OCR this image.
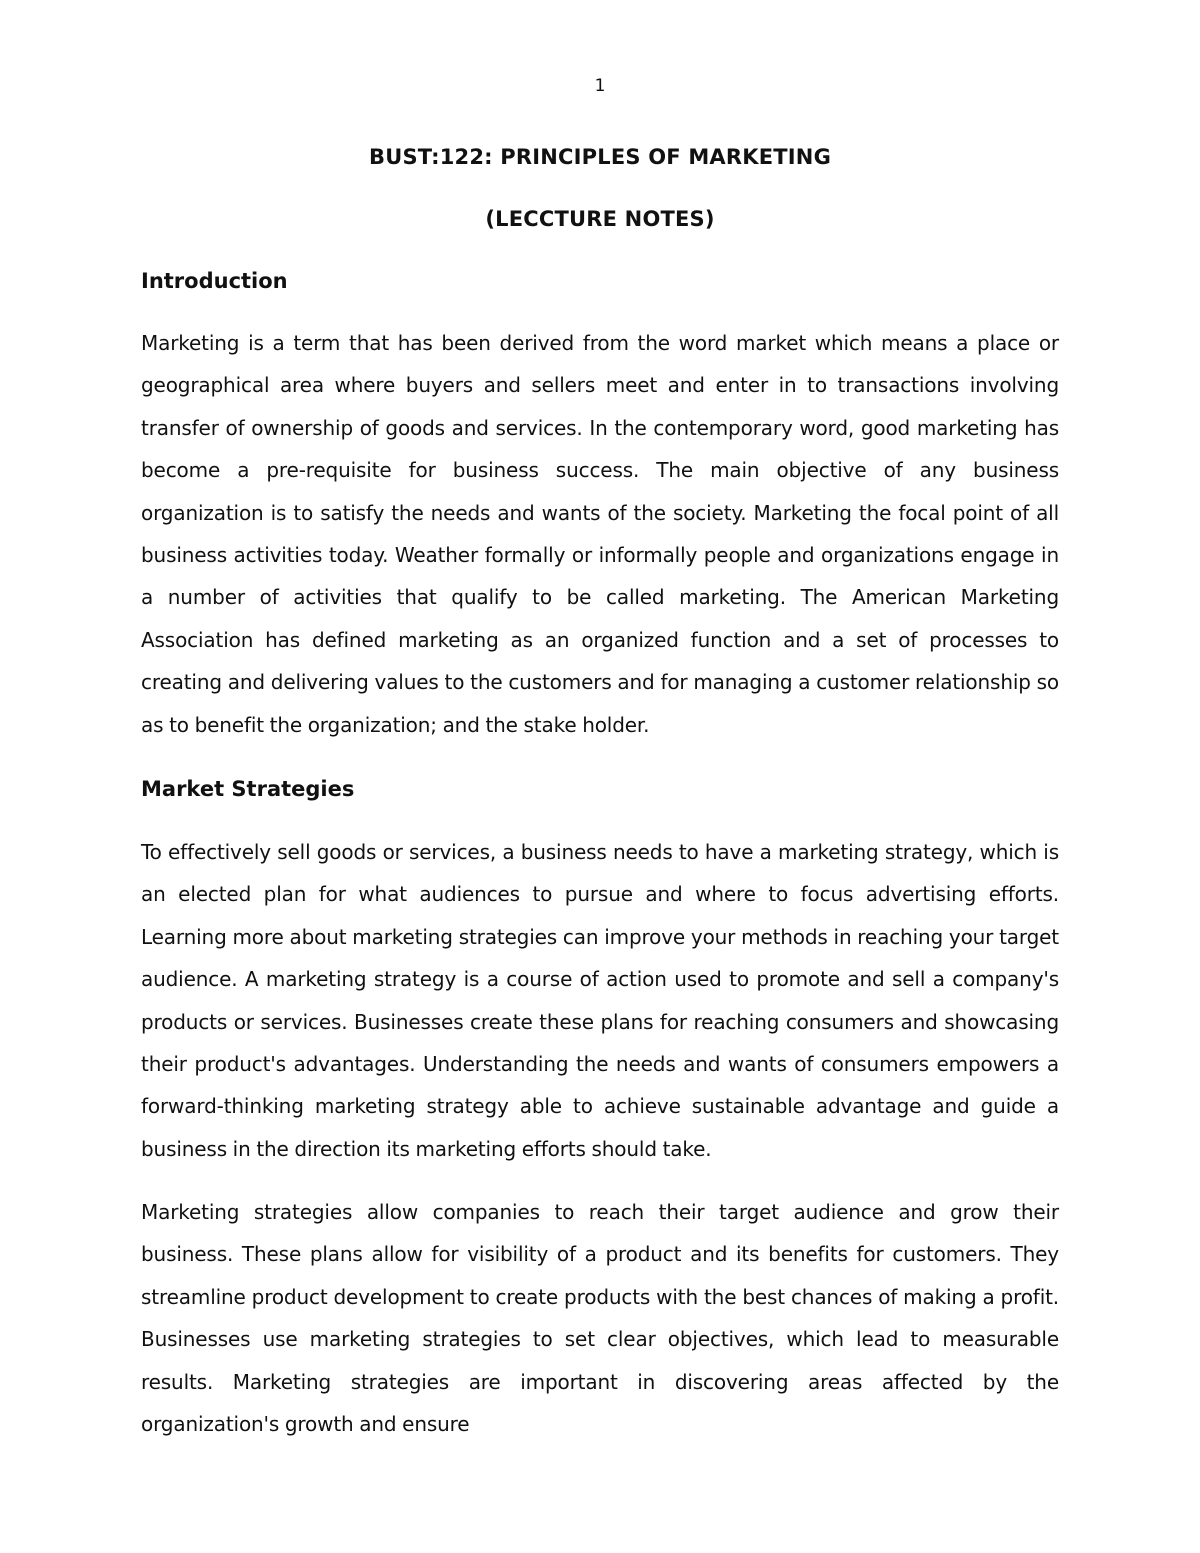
1
BUST:122: PRINCIPLES OF MARKETING
(LECCTURE NOTES)
Introduction

Marketing is a term that has been derived from the word market which means a place or geographical area where buyers and sellers meet and enter in to transactions involving transfer of ownership of goods and services. In the contemporary word, good marketing has become a pre-requisite for business success. The main objective of any business organization is to satisfy the needs and wants of the society. Marketing the focal point of all business activities today. Weather formally or informally people and organizations engage in a number of activities that qualify to be called marketing. The American Marketing Association has defined marketing as an organized function and a set of processes to creating and delivering values to the customers and for managing a customer relationship so as to benefit the organization; and the stake holder.

Market Strategies

To effectively sell goods or services, a business needs to have a marketing strategy, which is an elected plan for what audiences to pursue and where to focus advertising efforts. Learning more about marketing strategies can improve your methods in reaching your target audience. A marketing strategy is a course of action used to promote and sell a company's products or services. Businesses create these plans for reaching consumers and showcasing their product's advantages. Understanding the needs and wants of consumers empowers a forward-thinking marketing strategy able to achieve sustainable advantage and guide a business in the direction its marketing efforts should take.

Marketing strategies allow companies to reach their target audience and grow their business. These plans allow for visibility of a product and its benefits for customers. They streamline product development to create products with the best chances of making a profit. Businesses use marketing strategies to set clear objectives, which lead to measurable results. Marketing strategies are important in discovering areas affected by the organization's growth and ensure
